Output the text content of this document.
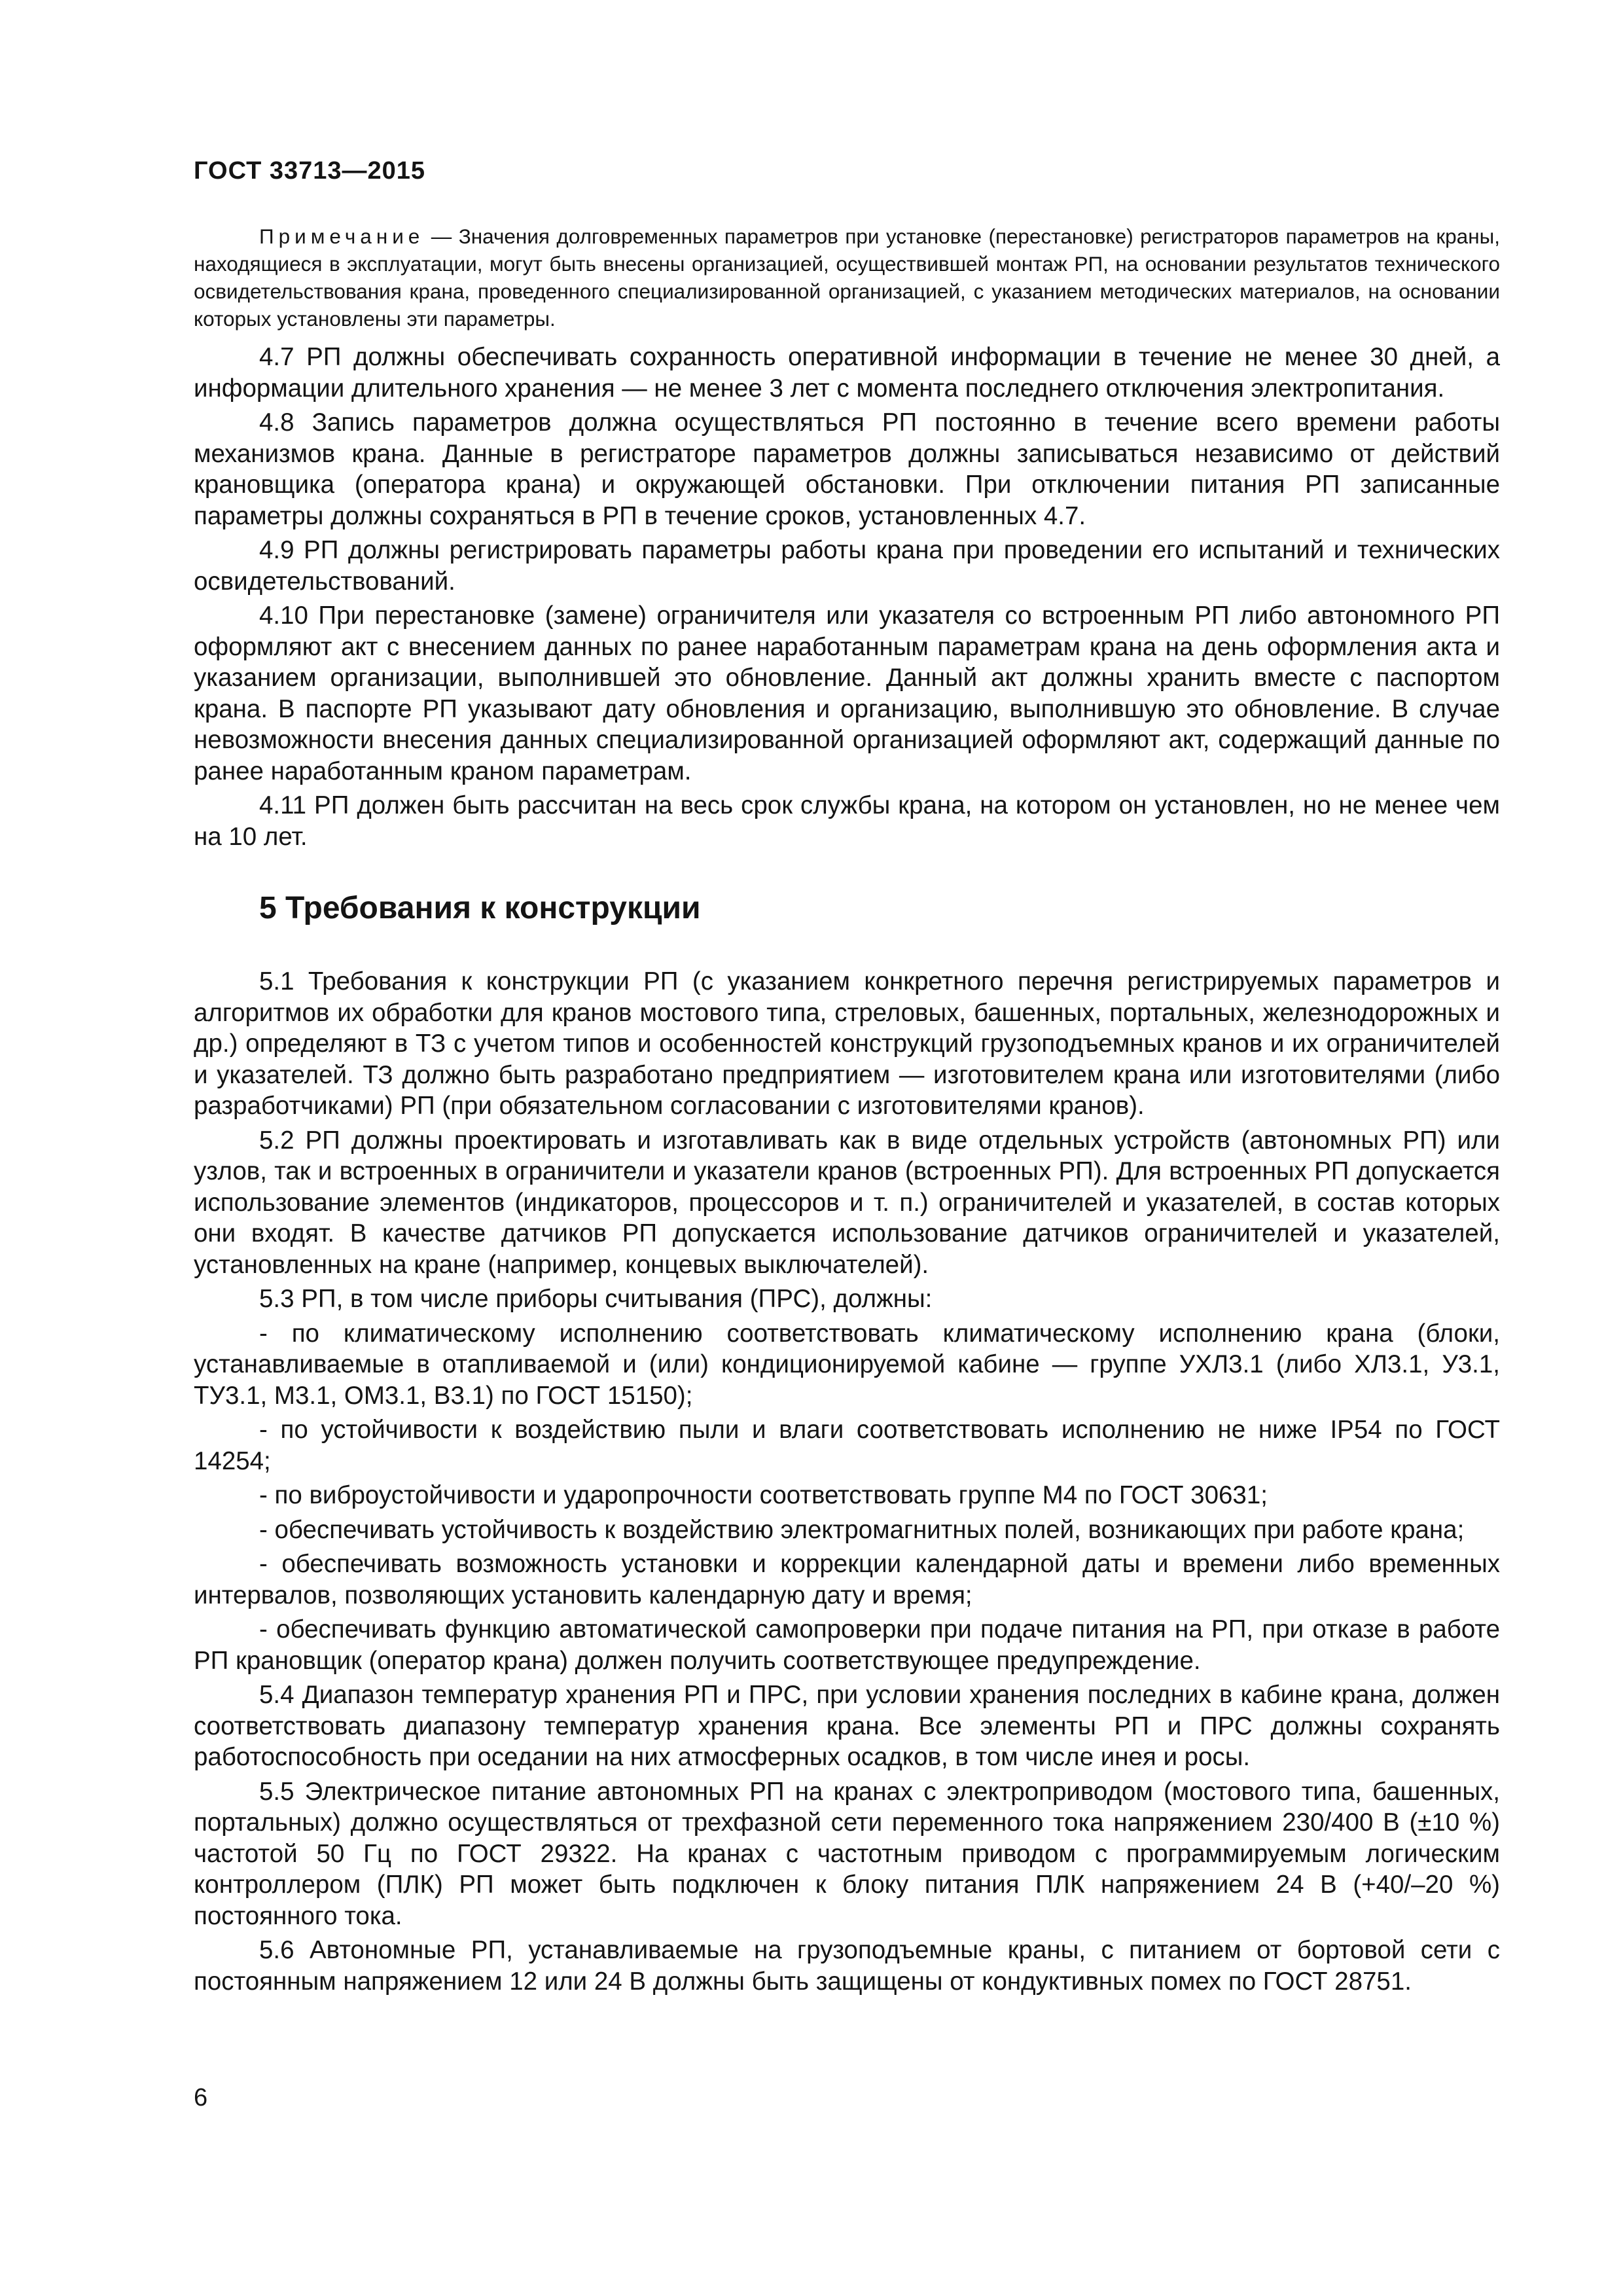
ГОСТ 33713—2015

Примечание — Значения долговременных параметров при установке (перестановке) регистраторов параметров на краны, находящиеся в эксплуатации, могут быть внесены организацией, осуществившей монтаж РП, на основании результатов технического освидетельствования крана, проведенного специализированной организацией, с указанием методических материалов, на основании которых установлены эти параметры.

4.7 РП должны обеспечивать сохранность оперативной информации в течение не менее 30 дней, а информации длительного хранения — не менее 3 лет с момента последнего отключения электропитания.

4.8 Запись параметров должна осуществляться РП постоянно в течение всего времени работы механизмов крана. Данные в регистраторе параметров должны записываться независимо от действий крановщика (оператора крана) и окружающей обстановки. При отключении питания РП записанные параметры должны сохраняться в РП в течение сроков, установленных 4.7.

4.9 РП должны регистрировать параметры работы крана при проведении его испытаний и технических освидетельствований.

4.10 При перестановке (замене) ограничителя или указателя со встроенным РП либо автономного РП оформляют акт с внесением данных по ранее наработанным параметрам крана на день оформления акта и указанием организации, выполнившей это обновление. Данный акт должны хранить вместе с паспортом крана. В паспорте РП указывают дату обновления и организацию, выполнившую это обновление. В случае невозможности внесения данных специализированной организацией оформляют акт, содержащий данные по ранее наработанным краном параметрам.

4.11 РП должен быть рассчитан на весь срок службы крана, на котором он установлен, но не менее чем на 10 лет.

5 Требования к конструкции

5.1 Требования к конструкции РП (с указанием конкретного перечня регистрируемых параметров и алгоритмов их обработки для кранов мостового типа, стреловых, башенных, портальных, железнодорожных и др.) определяют в ТЗ с учетом типов и особенностей конструкций грузоподъемных кранов и их ограничителей и указателей. ТЗ должно быть разработано предприятием — изготовителем крана или изготовителями (либо разработчиками) РП (при обязательном согласовании с изготовителями кранов).

5.2 РП должны проектировать и изготавливать как в виде отдельных устройств (автономных РП) или узлов, так и встроенных в ограничители и указатели кранов (встроенных РП). Для встроенных РП допускается использование элементов (индикаторов, процессоров и т. п.) ограничителей и указателей, в состав которых они входят. В качестве датчиков РП допускается использование датчиков ограничителей и указателей, установленных на кране (например, концевых выключателей).

5.3 РП, в том числе приборы считывания (ПРС), должны:

- по климатическому исполнению соответствовать климатическому исполнению крана (блоки, устанавливаемые в отапливаемой и (или) кондиционируемой кабине — группе УХЛ3.1 (либо ХЛ3.1, У3.1, ТУ3.1, М3.1, ОМ3.1, В3.1) по ГОСТ 15150);

- по устойчивости к воздействию пыли и влаги соответствовать исполнению не ниже IP54 по ГОСТ 14254;

- по виброустойчивости и ударопрочности соответствовать группе М4 по ГОСТ 30631;

- обеспечивать устойчивость к воздействию электромагнитных полей, возникающих при работе крана;

- обеспечивать возможность установки и коррекции календарной даты и времени либо временных интервалов, позволяющих установить календарную дату и время;

- обеспечивать функцию автоматической самопроверки при подаче питания на РП, при отказе в работе РП крановщик (оператор крана) должен получить соответствующее предупреждение.

5.4 Диапазон температур хранения РП и ПРС, при условии хранения последних в кабине крана, должен соответствовать диапазону температур хранения крана. Все элементы РП и ПРС должны сохранять работоспособность при оседании на них атмосферных осадков, в том числе инея и росы.

5.5 Электрическое питание автономных РП на кранах с электроприводом (мостового типа, башенных, портальных) должно осуществляться от трехфазной сети переменного тока напряжением 230/400 В (±10 %) частотой 50 Гц по ГОСТ 29322. На кранах с частотным приводом с программируемым логическим контроллером (ПЛК) РП может быть подключен к блоку питания ПЛК напряжением 24 В (+40/–20 %) постоянного тока.

5.6 Автономные РП, устанавливаемые на грузоподъемные краны, с питанием от бортовой сети с постоянным напряжением 12 или 24 В должны быть защищены от кондуктивных помех по ГОСТ 28751.

6
